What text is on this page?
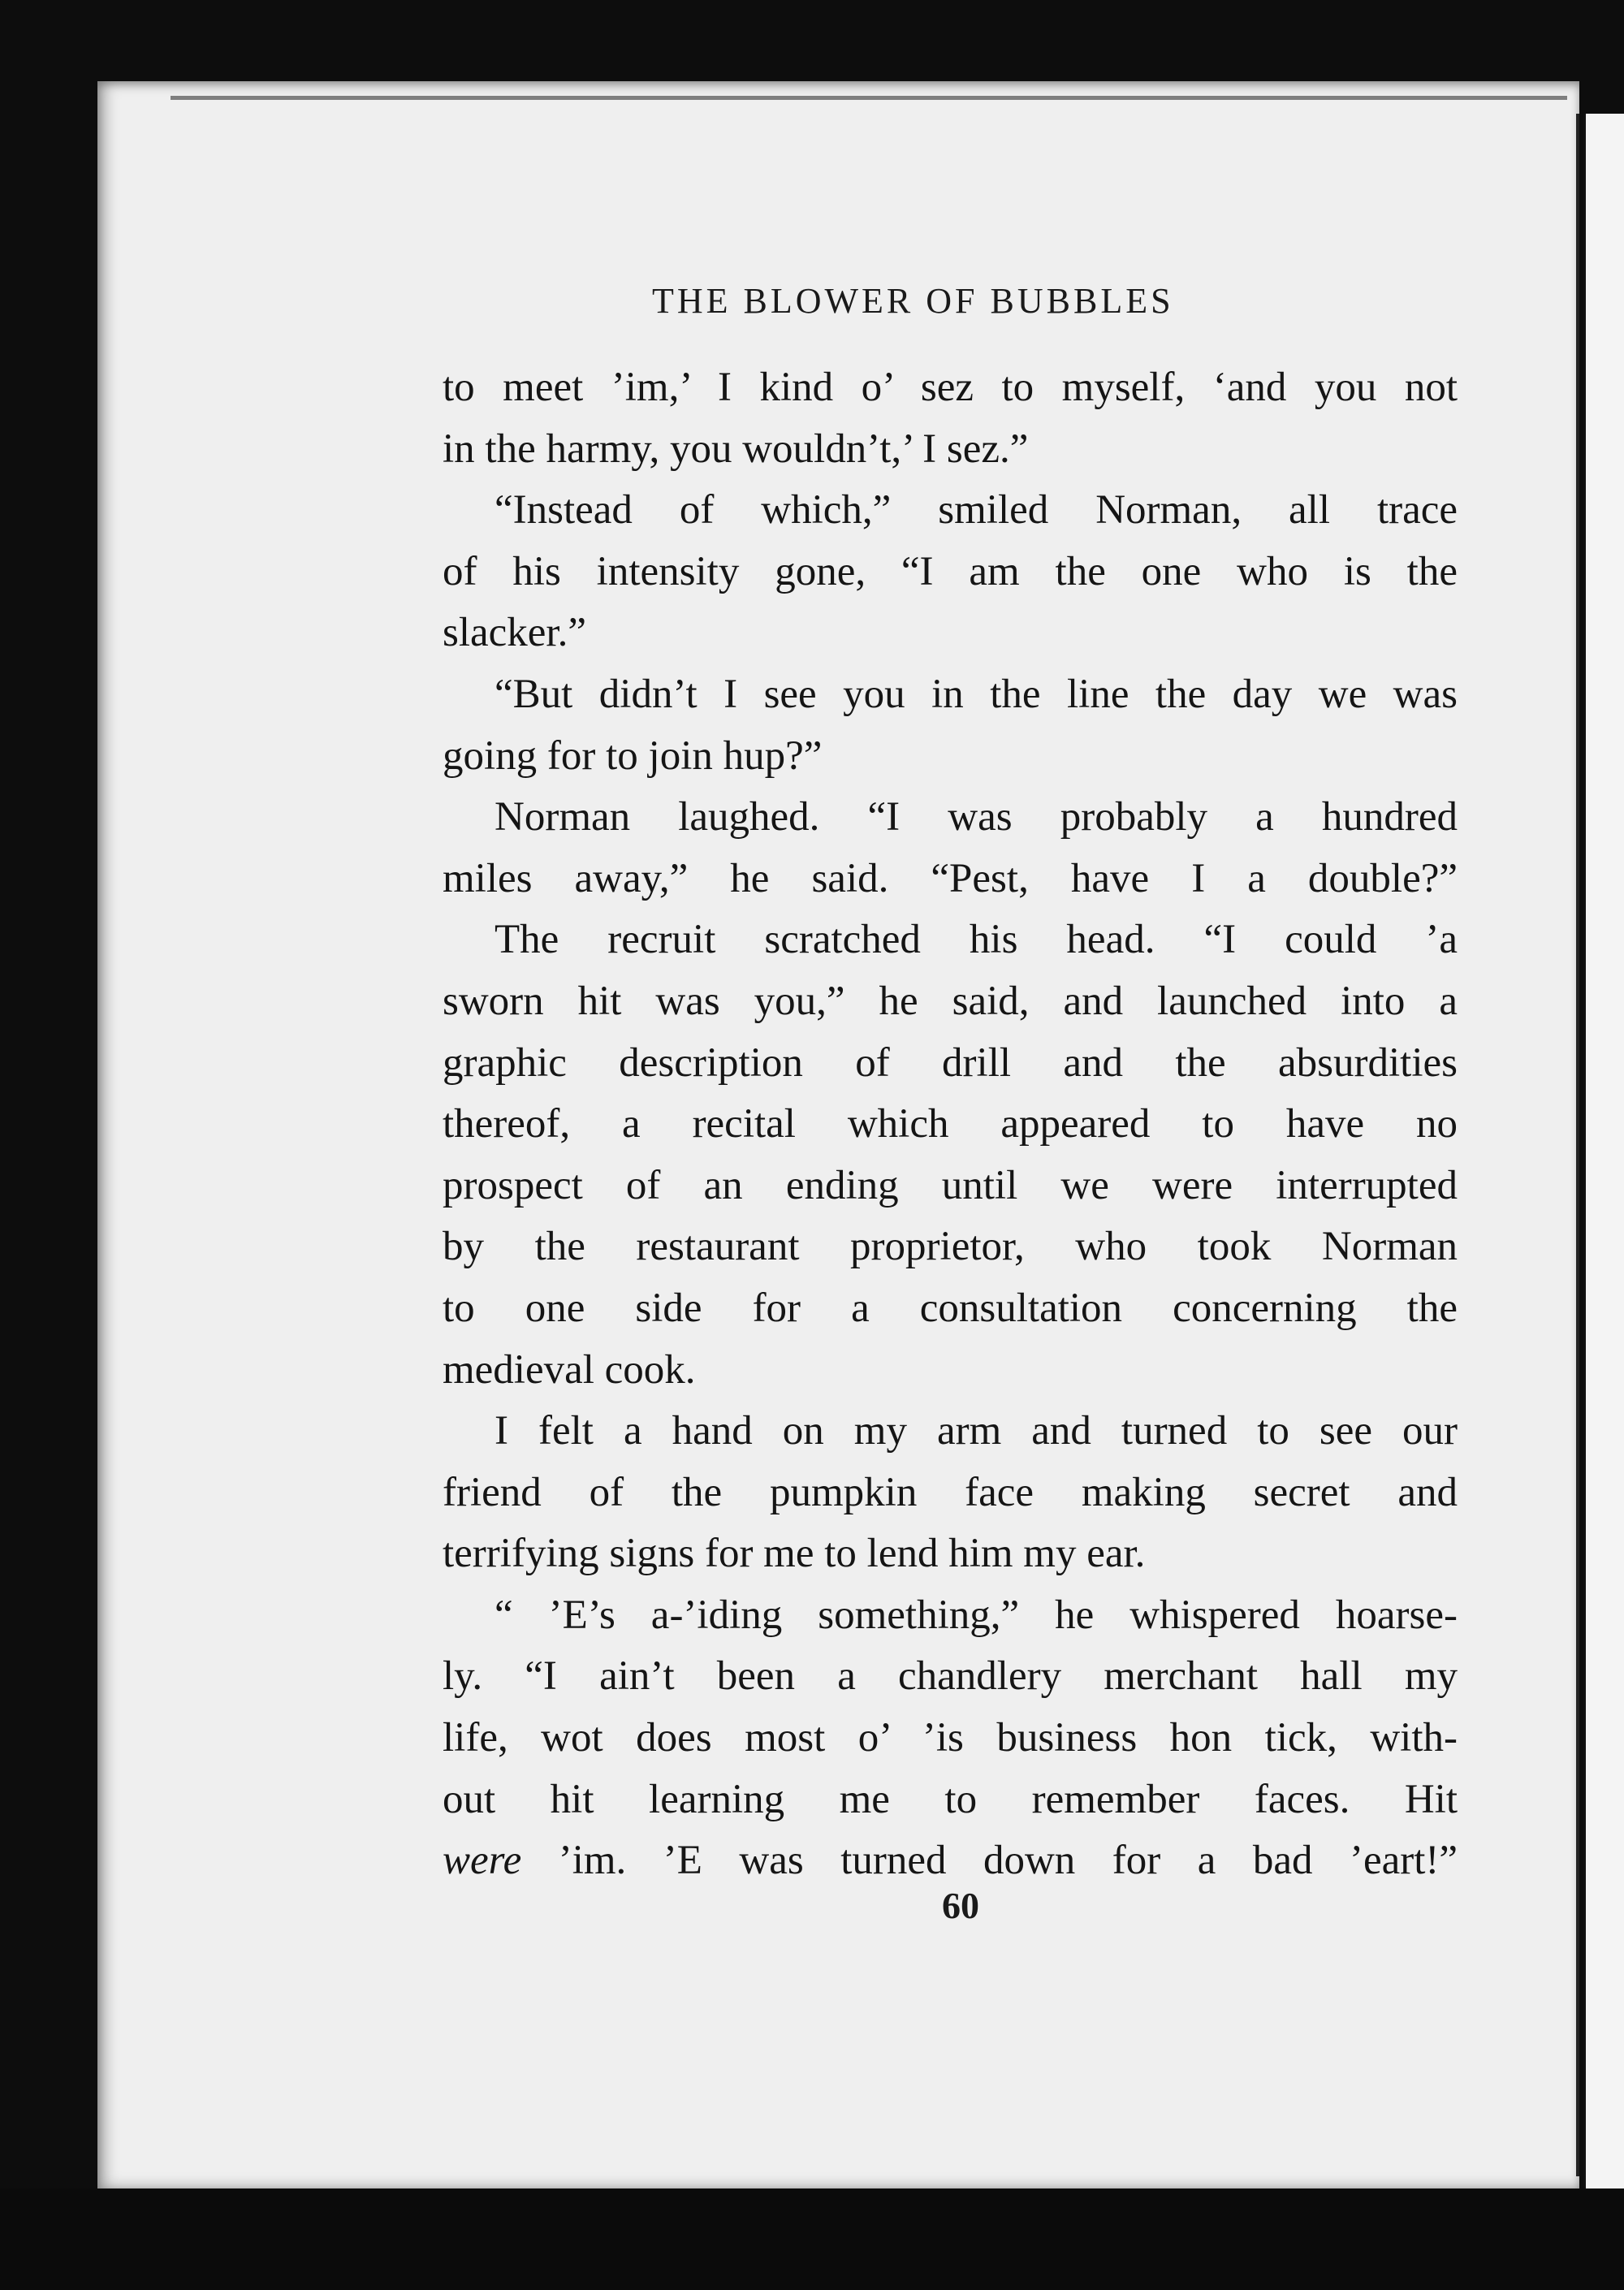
THE BLOWER OF BUBBLES
to meet ’im,’ I kind o’ sez to myself, ‘and you not
in the harmy, you wouldn’t,’ I sez.”
“Instead of which,” smiled Norman, all trace
of his intensity gone, “I am the one who is the
slacker.”
“But didn’t I see you in the line the day we was
going for to join hup?”
Norman laughed. “I was probably a hundred
miles away,” he said. “Pest, have I a double?”
The recruit scratched his head. “I could ’a
sworn hit was you,” he said, and launched into a
graphic description of drill and the absurdities
thereof, a recital which appeared to have no
prospect of an ending until we were interrupted
by the restaurant proprietor, who took Norman
to one side for a consultation concerning the
medieval cook.
I felt a hand on my arm and turned to see our
friend of the pumpkin face making secret and
terrifying signs for me to lend him my ear.
“ ’E’s a-’iding something,” he whispered hoarse-
ly. “I ain’t been a chandlery merchant hall my
life, wot does most o’ ’is business hon tick, with-
out hit learning me to remember faces. Hit
were ’im. ’E was turned down for a bad ’eart!”
60
